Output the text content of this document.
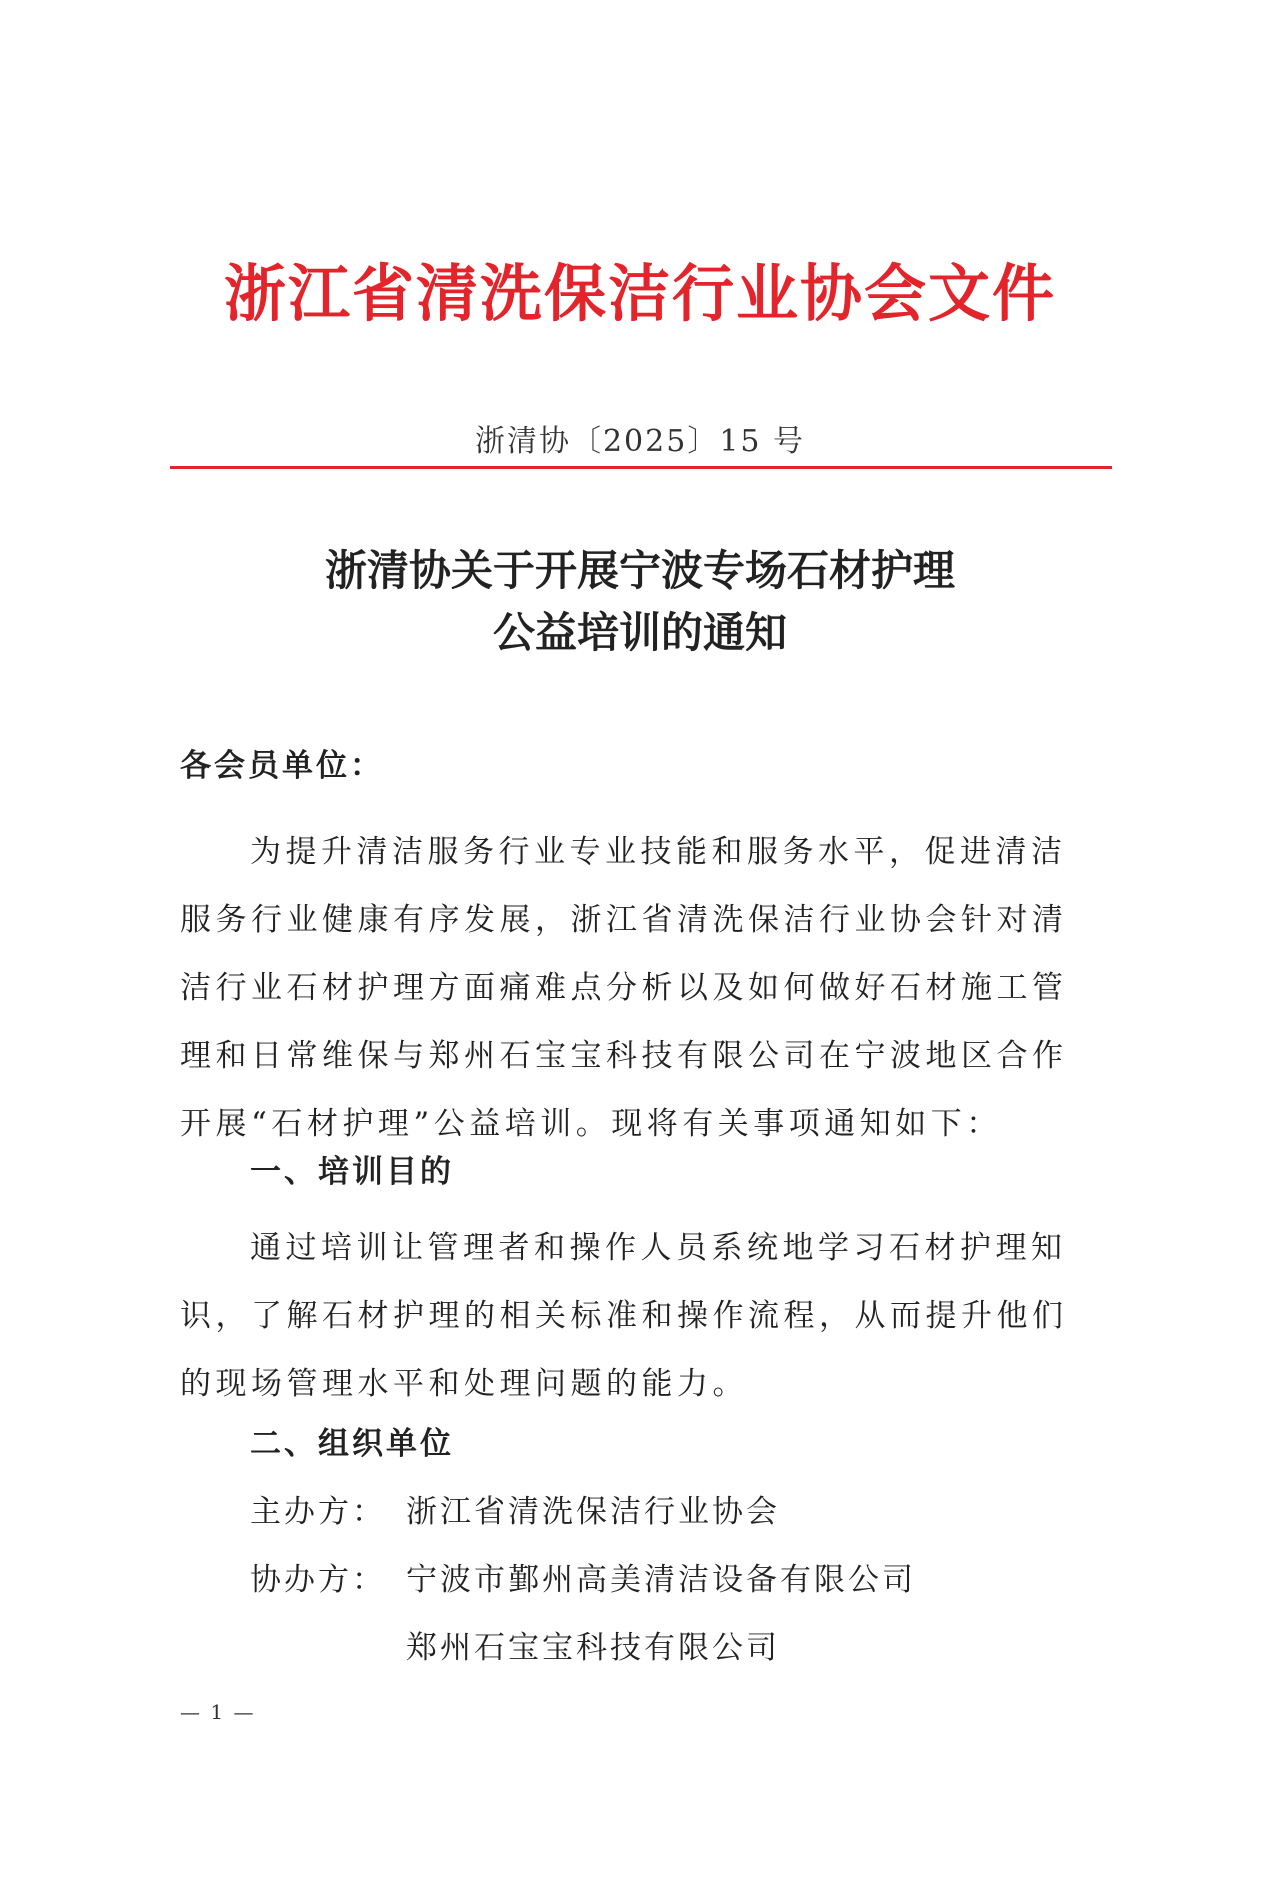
浙江省清洗保洁行业协会文件
浙清协〔2025〕15 号
浙清协关于开展宁波专场石材护理
公益培训的通知
各会员单位：

为提升清洁服务行业专业技能和服务水平，促进清洁服务行业健康有序发展，浙江省清洗保洁行业协会针对清洁行业石材护理方面痛难点分析以及如何做好石材施工管理和日常维保与郑州石宝宝科技有限公司在宁波地区合作开展“石材护理”公益培训。现将有关事项通知如下：

一、培训目的

通过培训让管理者和操作人员系统地学习石材护理知识，了解石材护理的相关标准和操作流程，从而提升他们的现场管理水平和处理问题的能力。

二、组织单位
主办方： 浙江省清洗保洁行业协会
协办方： 宁波市鄞州高美清洁设备有限公司
郑州石宝宝科技有限公司
— 1 —
